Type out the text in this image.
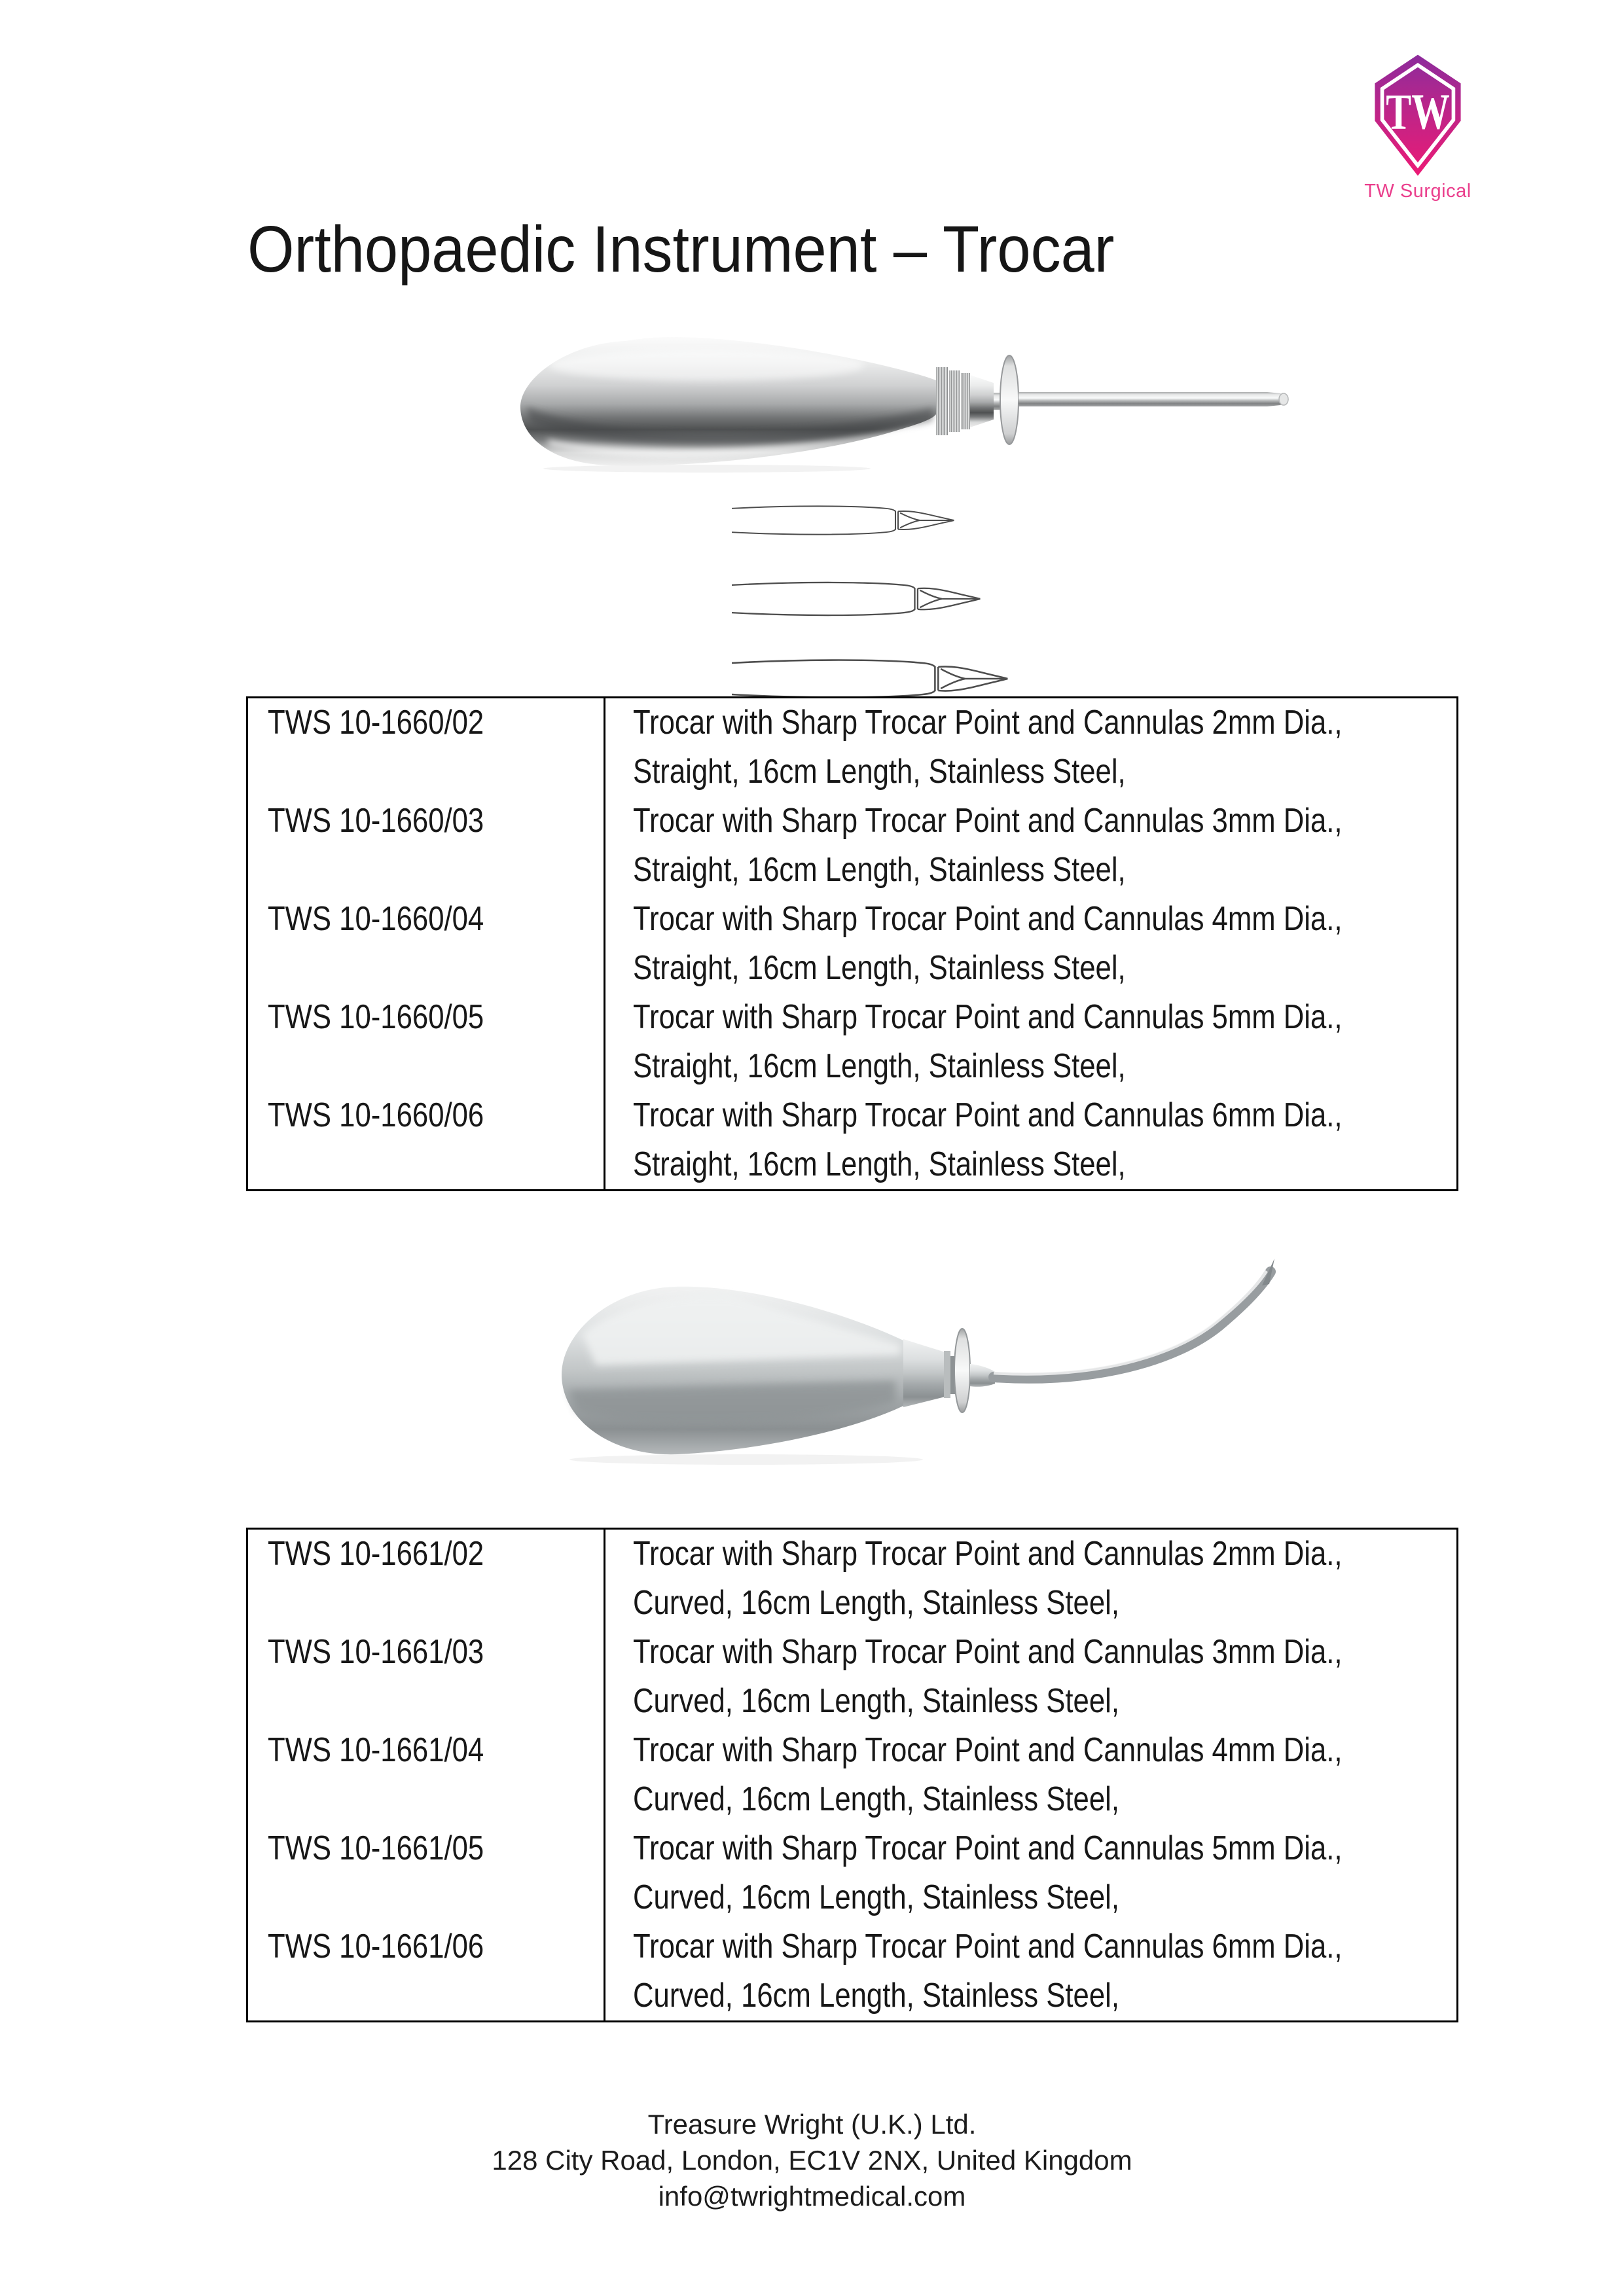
TW
TW Surgical
Orthopaedic Instrument – Trocar
TWS 10-1660/02	Trocar with Sharp Trocar Point and Cannulas 2mm Dia.,
Straight, 16cm Length, Stainless Steel,
TWS 10-1660/03	Trocar with Sharp Trocar Point and Cannulas 3mm Dia.,
Straight, 16cm Length, Stainless Steel,
TWS 10-1660/04	Trocar with Sharp Trocar Point and Cannulas 4mm Dia.,
Straight, 16cm Length, Stainless Steel,
TWS 10-1660/05	Trocar with Sharp Trocar Point and Cannulas 5mm Dia.,
Straight, 16cm Length, Stainless Steel,
TWS 10-1660/06	Trocar with Sharp Trocar Point and Cannulas 6mm Dia.,
Straight, 16cm Length, Stainless Steel,
TWS 10-1661/02	Trocar with Sharp Trocar Point and Cannulas 2mm Dia.,
Curved, 16cm Length, Stainless Steel,
TWS 10-1661/03	Trocar with Sharp Trocar Point and Cannulas 3mm Dia.,
Curved, 16cm Length, Stainless Steel,
TWS 10-1661/04	Trocar with Sharp Trocar Point and Cannulas 4mm Dia.,
Curved, 16cm Length, Stainless Steel,
TWS 10-1661/05	Trocar with Sharp Trocar Point and Cannulas 5mm Dia.,
Curved, 16cm Length, Stainless Steel,
TWS 10-1661/06	Trocar with Sharp Trocar Point and Cannulas 6mm Dia.,
Curved, 16cm Length, Stainless Steel,
Treasure Wright (U.K.) Ltd.
128 City Road, London, EC1V 2NX, United Kingdom
info@twrightmedical.com
